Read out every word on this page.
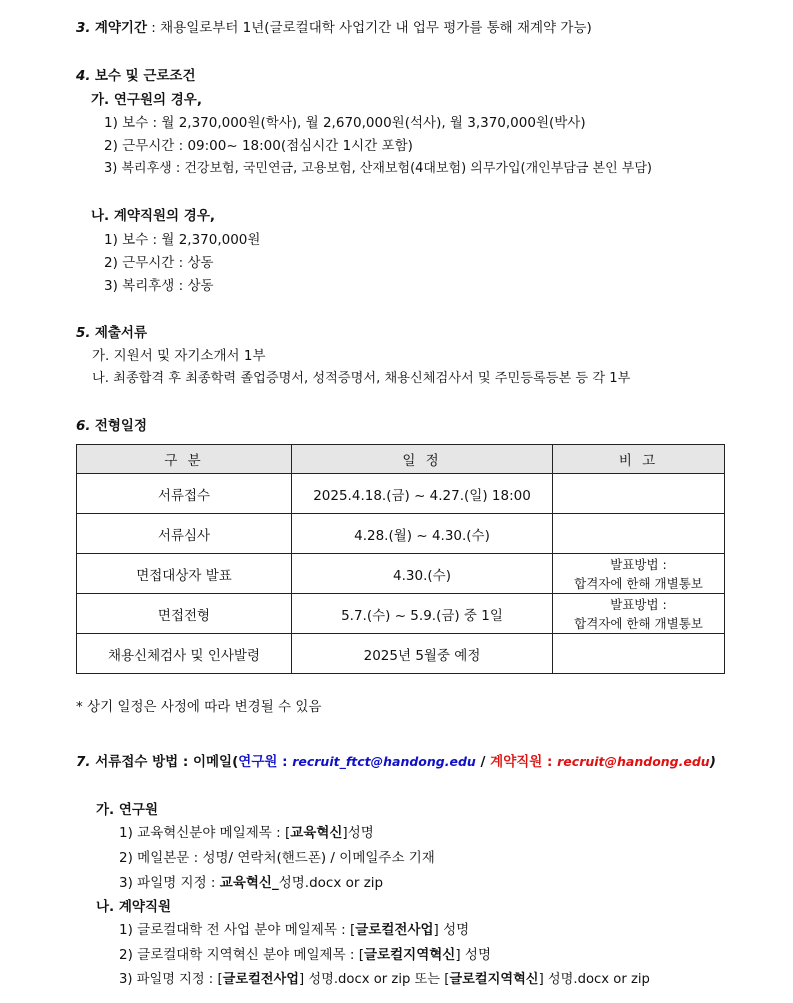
3. 계약기간 : 채용일로부터 1년(글로컬대학 사업기간 내 업무 평가를 통해 재계약 가능)
4. 보수 및 근로조건
가. 연구원의 경우,
1) 보수 : 월 2,370,000원(학사), 월 2,670,000원(석사), 월 3,370,000원(박사)
2) 근무시간 : 09:00~ 18:00(점심시간 1시간 포함)
3) 복리후생 : 건강보험, 국민연금, 고용보험, 산재보험(4대보험) 의무가입(개인부담금 본인 부담)
나. 계약직원의 경우,
1) 보수 : 월 2,370,000원
2) 근무시간 : 상동
3) 복리후생 : 상동
5. 제출서류
가. 지원서 및 자기소개서 1부
나. 최종합격 후 최종학력 졸업증명서, 성적증명서, 채용신체검사서 및 주민등록등본 등 각 1부
6. 전형일정
구 분	일 정	비 고
서류접수	2025.4.18.(금) ~ 4.27.(일) 18:00	
서류심사	4.28.(월) ~ 4.30.(수)	
면접대상자 발표	4.30.(수)	발표방법 :
합격자에 한해 개별통보

면접전형	5.7.(수) ~ 5.9.(금) 중 1일	발표방법 :
합격자에 한해 개별통보

채용신체검사 및 인사발령	2025년 5월중 예정	
* 상기 일정은 사정에 따라 변경될 수 있음
7. 서류접수 방법 : 이메일(연구원 : recruit_ftct@handong.edu / 계약직원 : recruit@handong.edu)
가. 연구원
1) 교육혁신분야 메일제목 : [교육혁신]성명
2) 메일본문 : 성명/ 연락처(핸드폰) / 이메일주소 기재
3) 파일명 지정 : 교육혁신_성명.docx or zip
나. 계약직원
1) 글로컬대학 전 사업 분야 메일제목 : [글로컬전사업] 성명
2) 글로컬대학 지역혁신 분야 메일제목 : [글로컬지역혁신] 성명
3) 파일명 지정 : [글로컬전사업] 성명.docx or zip 또는 [글로컬지역혁신] 성명.docx or zip
